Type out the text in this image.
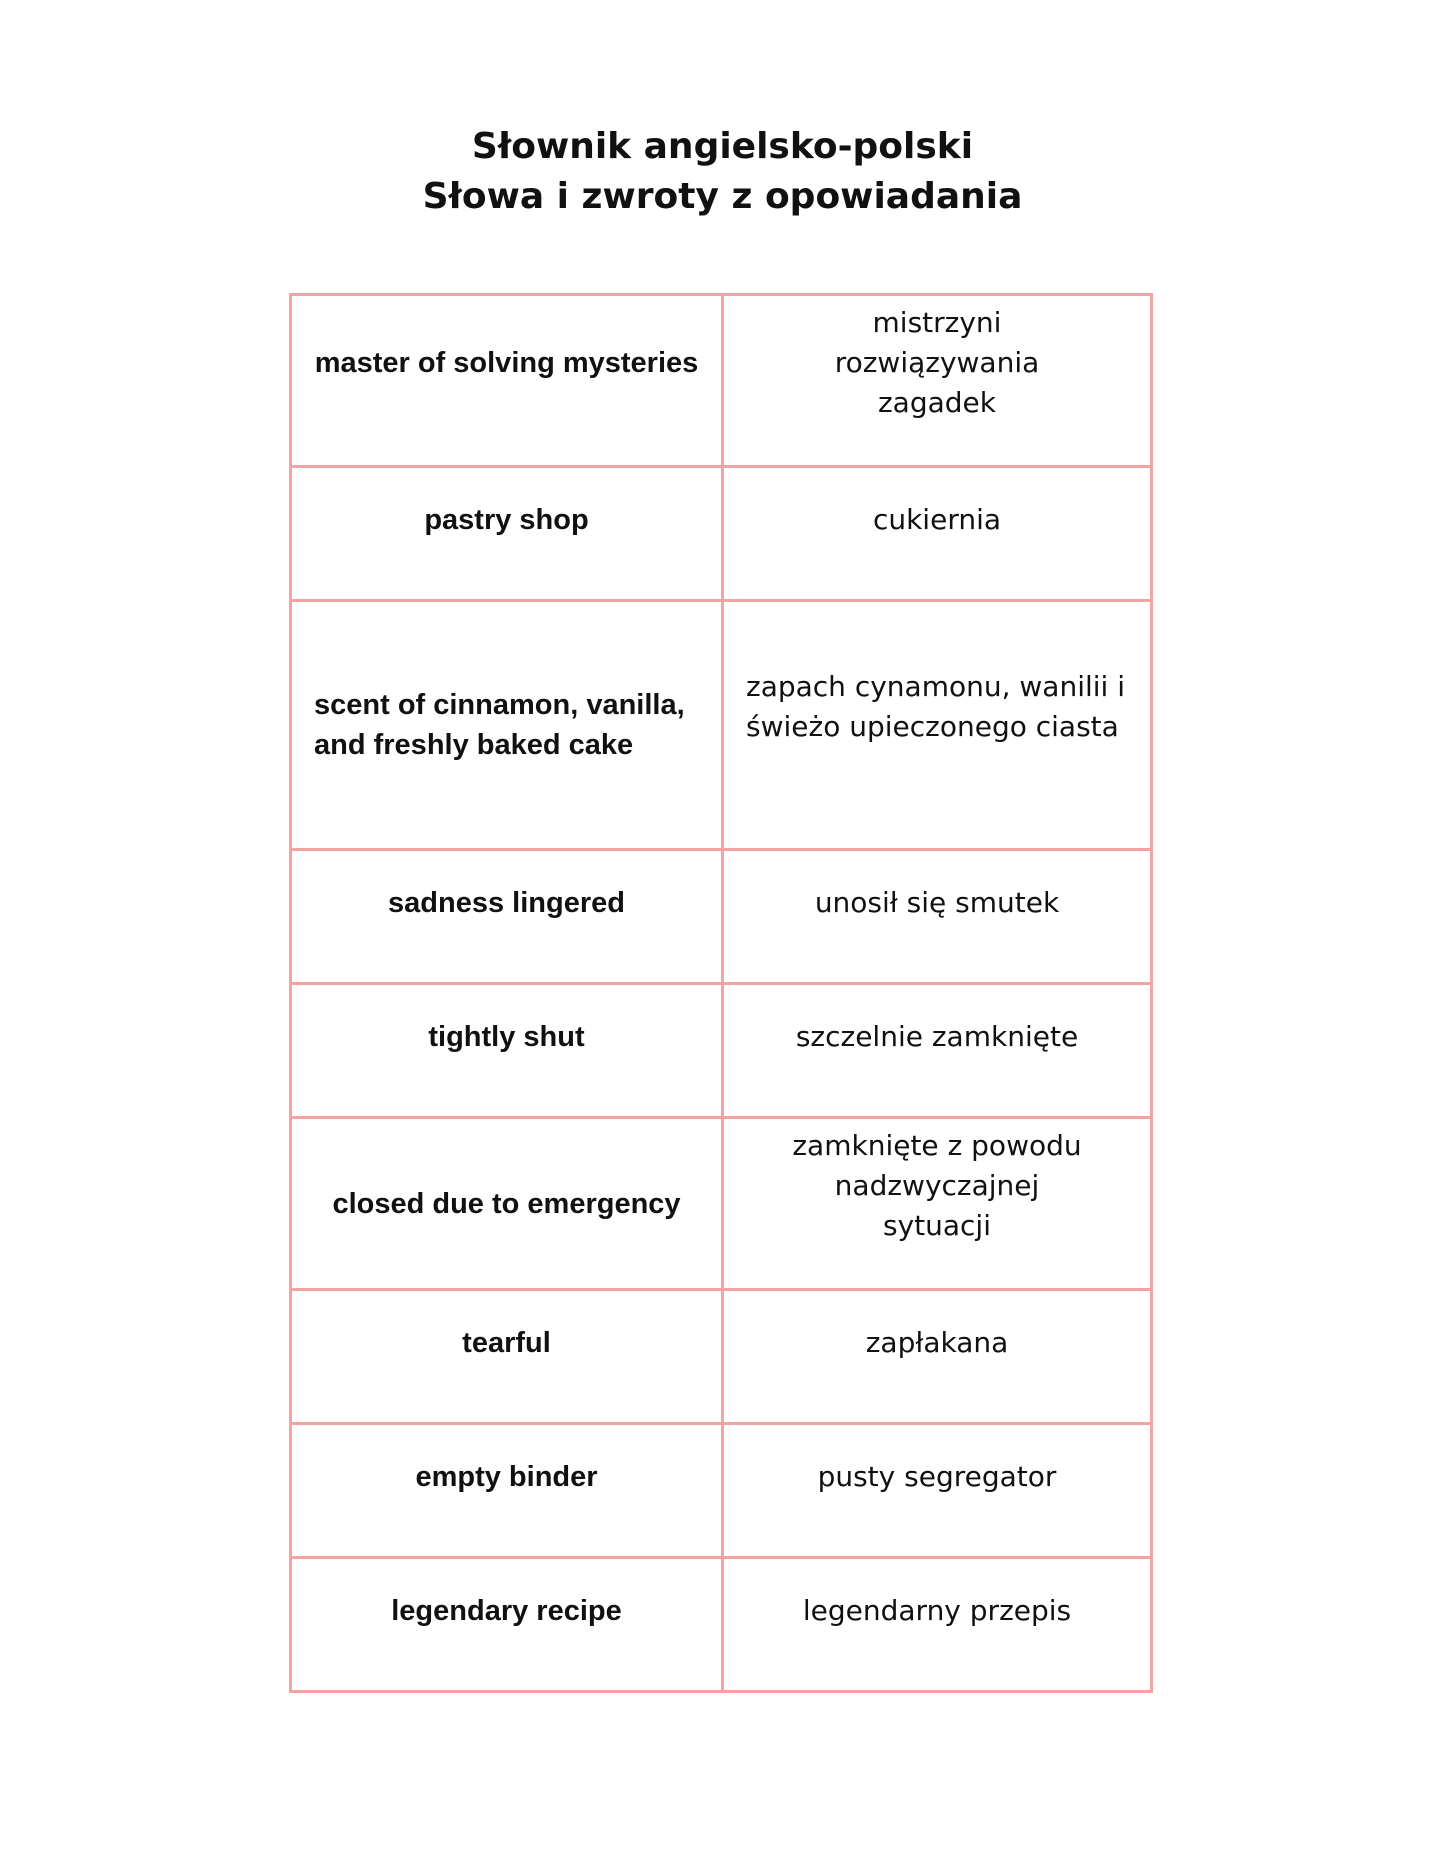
Słownik angielsko-polski
Słowa i zwroty z opowiadania
master of solving mysteries	mistrzyni rozwiązywania zagadek

pastry shop	cukiernia

scent of cinnamon, vanilla, and freshly baked cake	zapach cynamonu, wanilii i świeżo upieczonego ciasta

sadness lingered	unosił się smutek

tightly shut	szczelnie zamknięte

closed due to emergency	zamknięte z powodu nadzwyczajnej sytuacji

tearful	zapłakana

empty binder	pusty segregator

legendary recipe	legendarny przepis
